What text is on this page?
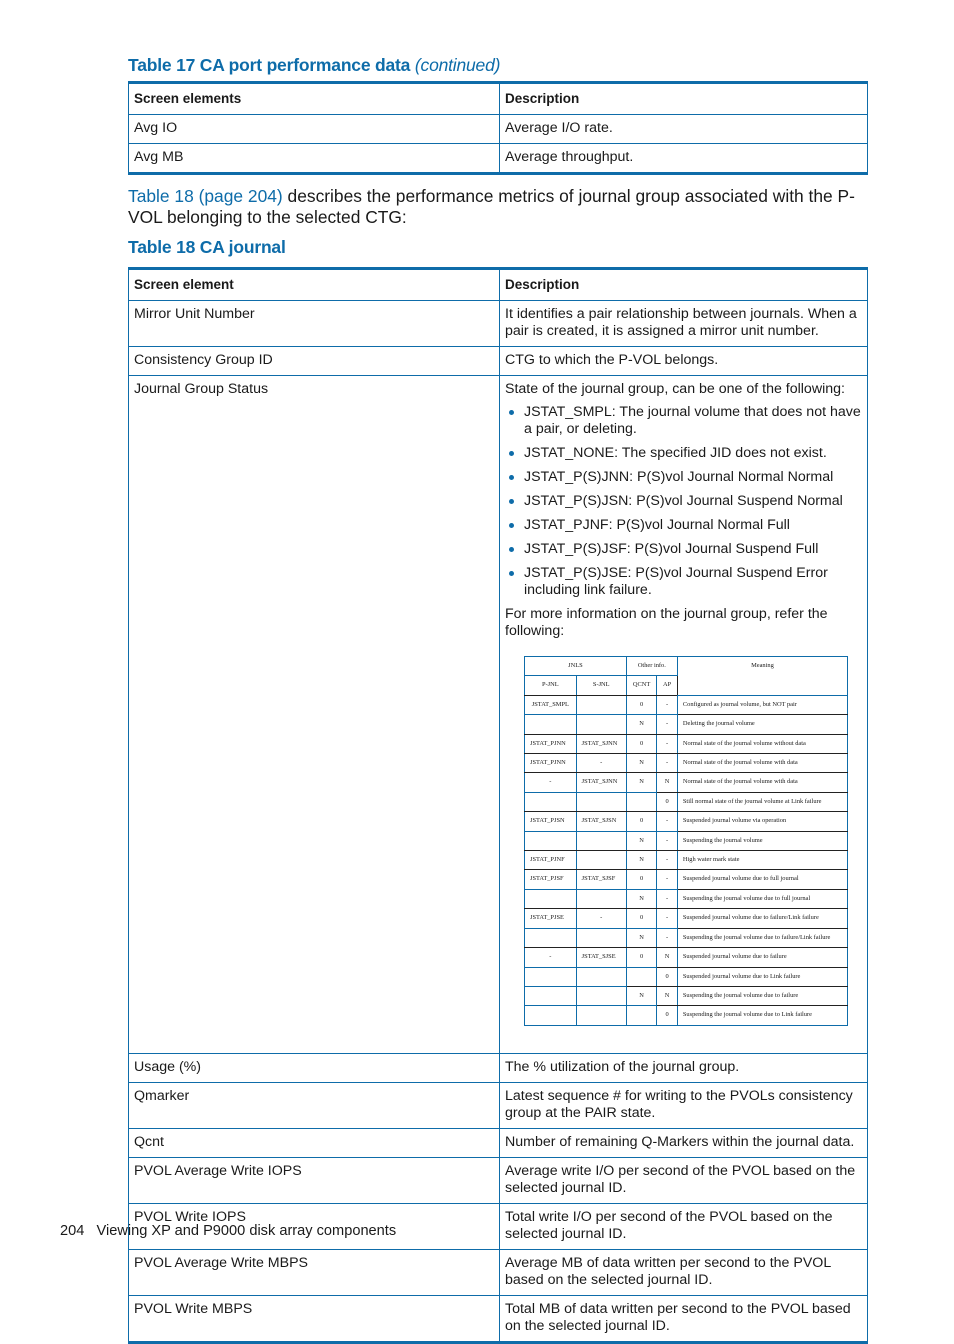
Table 17 CA port performance data (continued)
Screen elements	Description
Avg IO	Average I/O rate.
Avg MB	Average throughput.
Table 18 (page 204) describes the performance metrics of journal group associated with the P-VOL belonging to the selected CTG:
Table 18 CA journal
Screen element	Description
Mirror Unit Number	It identifies a pair relationship between journals. When a pair is created, it is assigned a mirror unit number.
Consistency Group ID	CTG to which the P-VOL belongs.
Journal Group Status	State of the journal group, can be one of the following:
JSTAT_SMPL: The journal volume that does not have a pair, or deleting.
JSTAT_NONE: The specified JID does not exist.
JSTAT_P(S)JNN: P(S)vol Journal Normal Normal
JSTAT_P(S)JSN: P(S)vol Journal Suspend Normal
JSTAT_PJNF: P(S)vol Journal Normal Full
JSTAT_P(S)JSF: P(S)vol Journal Suspend Full
JSTAT_P(S)JSE: P(S)vol Journal Suspend Error including link failure.
For more information on the journal group, refer the following:
JNLS	Other info.	Meaning
P-JNL	S-JNL	QCNT	AP
JSTAT_SMPL		0	-	Configured as journal volume, but NOT pair
		N	-	Deleting the journal volume
JSTAT_PJNN	JSTAT_SJNN	0	-	Normal state of the journal volume without data
JSTAT_PJNN	-	N	-	Normal state of the journal volume with data
-	JSTAT_SJNN	N	N	Normal state of the journal volume with data
			0	Still normal state of the journal volume at Link failure
JSTAT_PJSN	JSTAT_SJSN	0	-	Suspended journal volume via operation
		N	-	Suspending the journal volume
JSTAT_PJNF		N	-	High water mark state
JSTAT_PJSF	JSTAT_SJSF	0	-	Suspended journal volume due to full journal
		N	-	Suspending the journal volume due to full journal
JSTAT_PJSE	-	0	-	Suspended journal volume due to failure/Link failure
		N	-	Suspending the journal volume due to failure/Link failure
-	JSTAT_SJSE	0	N	Suspended journal volume due to failure
			0	Suspended journal volume due to Link failure
		N	N	Suspending the journal volume due to failure
			0	Suspending the journal volume due to Link failure

Usage (%)	The % utilization of the journal group.
Qmarker	Latest sequence # for writing to the PVOLs consistency group at the PAIR state.
Qcnt	Number of remaining Q-Markers within the journal data.
PVOL Average Write IOPS	Average write I/O per second of the PVOL based on the selected journal ID.
PVOL Write IOPS	Total write I/O per second of the PVOL based on the selected journal ID.
PVOL Average Write MBPS	Average MB of data written per second to the PVOL based on the selected journal ID.
PVOL Write MBPS	Total MB of data written per second to the PVOL based on the selected journal ID.
204   Viewing XP and P9000 disk array components
